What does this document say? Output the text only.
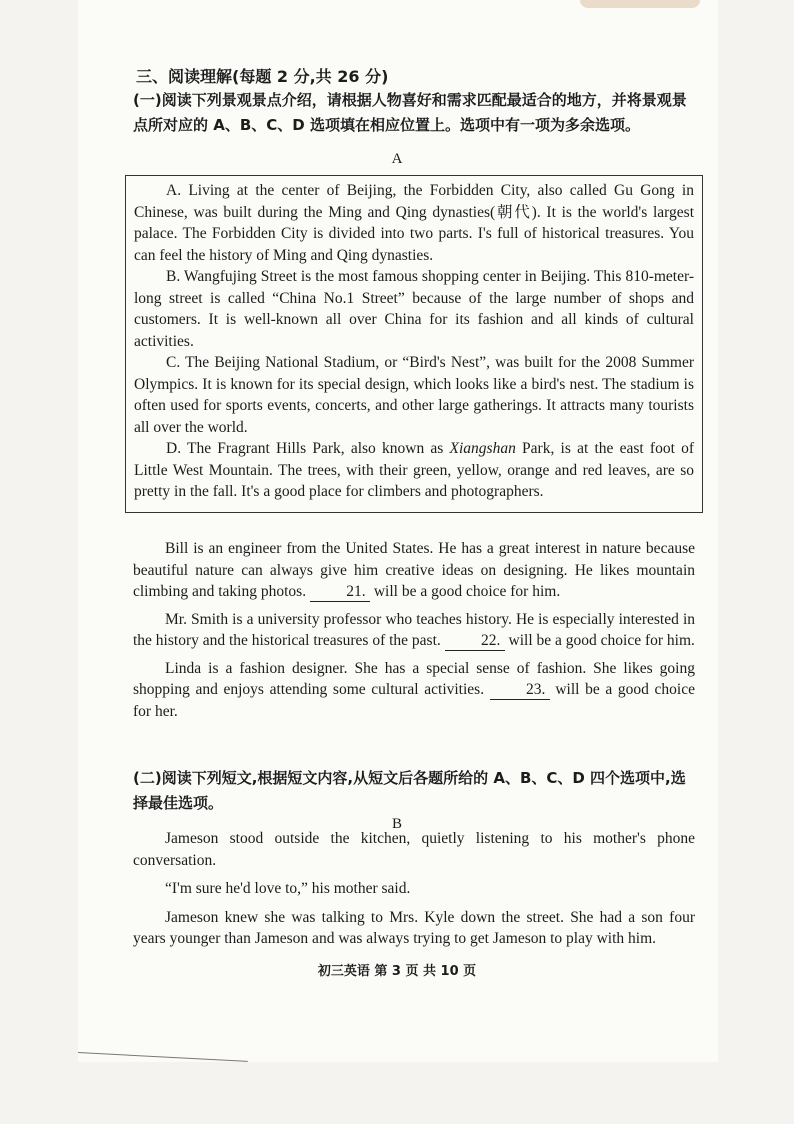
三、阅读理解(每题 2 分,共 26 分)
(一)阅读下列景观景点介绍，请根据人物喜好和需求匹配最适合的地方，并将景观景点所对应的 A、B、C、D 选项填在相应位置上。选项中有一项为多余选项。
A

A. Living at the center of Beijing, the Forbidden City, also called Gu Gong in Chinese, was built during the Ming and Qing dynasties(朝代). It is the world's largest palace. The Forbidden City is divided into two parts. I's full of historical treasures. You can feel the history of Ming and Qing dynasties.

B. Wangfujing Street is the most famous shopping center in Beijing. This 810-meter-long street is called “China No.1 Street” because of the large number of shops and customers. It is well-known all over China for its fashion and all kinds of cultural activities.

C. The Beijing National Stadium, or “Bird's Nest”, was built for the 2008 Summer Olympics. It is known for its special design, which looks like a bird's nest. The stadium is often used for sports events, concerts, and other large gatherings. It attracts many tourists all over the world.

D. The Fragrant Hills Park, also known as Xiangshan Park, is at the east foot of Little West Mountain. The trees, with their green, yellow, orange and red leaves, are so pretty in the fall. It's a good place for climbers and photographers.

Bill is an engineer from the United States. He has a great interest in nature because beautiful nature can always give him creative ideas on designing. He likes mountain climbing and taking photos. 21. will be a good choice for him.

Mr. Smith is a university professor who teaches history. He is especially interested in the history and the historical treasures of the past. 22. will be a good choice for him.

Linda is a fashion designer. She has a special sense of fashion. She likes going shopping and enjoys attending some cultural activities. 23. will be a good choice for her.

(二)阅读下列短文,根据短文内容,从短文后各题所给的 A、B、C、D 四个选项中,选择最佳选项。
B

Jameson stood outside the kitchen, quietly listening to his mother's phone conversation.

“I'm sure he'd love to,” his mother said.

Jameson knew she was talking to Mrs. Kyle down the street. She had a son four years younger than Jameson and was always trying to get Jameson to play with him.

初三英语 第 3 页 共 10 页
